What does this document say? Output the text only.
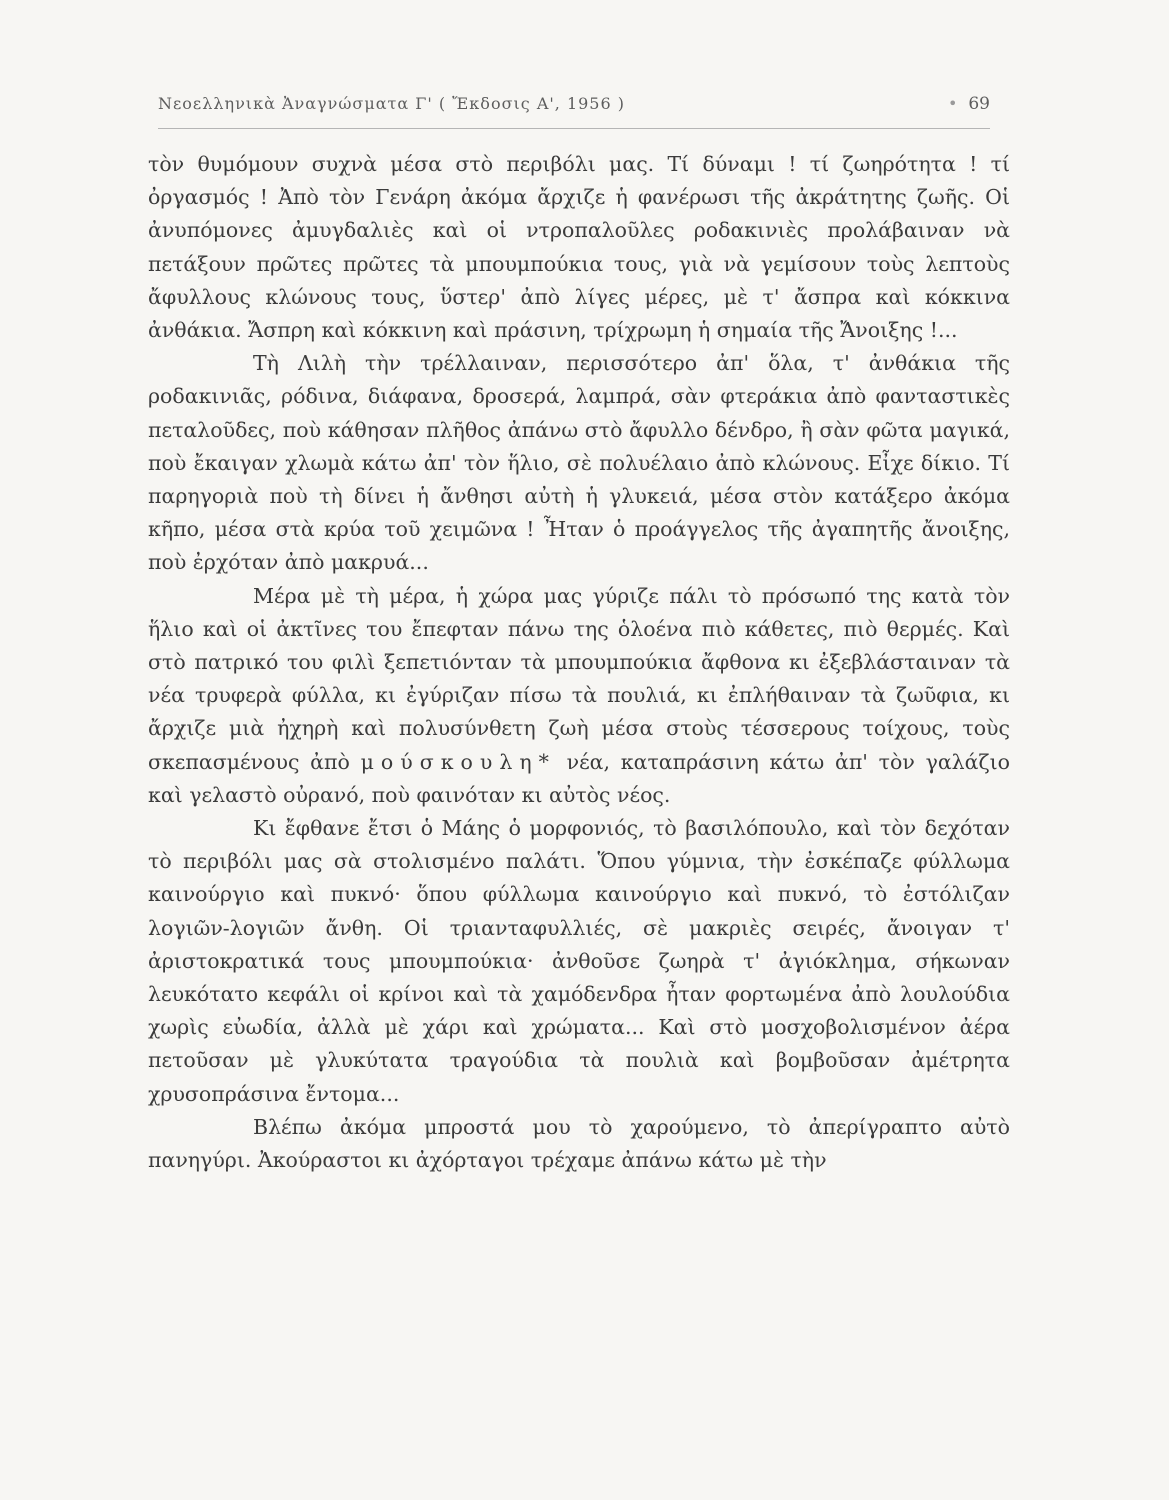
Νεοελληνικὰ Ἀναγνώσματα Γ' ( Ἔκδοσις Α', 1956 )	• 69

τὸν θυμόμουν συχνὰ μέσα στὸ περιβόλι μας. Τί δύναμι ! τί ζωηρότητα ! τί ὀργασμός ! Ἀπὸ τὸν Γενάρη ἀκόμα ἄρχιζε ἡ φανέρωσι τῆς ἀκράτητης ζωῆς. Οἱ ἀνυπόμονες ἀμυγδαλιὲς καὶ οἱ ντροπαλοῦλες ροδακινιὲς προλάβαιναν νὰ πετάξουν πρῶτες πρῶτες τὰ μπουμπούκια τους, γιὰ νὰ γεμίσουν τοὺς λεπτοὺς ἄφυλλους κλώνους τους, ὕστερ' ἀπὸ λίγες μέρες, μὲ τ' ἄσπρα καὶ κόκκινα ἀνθάκια. Ἄσπρη καὶ κόκκινη καὶ πράσινη, τρίχρωμη ἡ σημαία τῆς Ἄνοιξης !...

Τὴ Λιλὴ τὴν τρέλλαιναν, περισσότερο ἀπ' ὅλα, τ' ἀνθάκια τῆς ροδακινιᾶς, ρόδινα, διάφανα, δροσερά, λαμπρά, σὰν φτεράκια ἀπὸ φανταστικὲς πεταλοῦδες, ποὺ κάθησαν πλῆθος ἀπάνω στὸ ἄφυλλο δένδρο, ἢ σὰν φῶτα μαγικά, ποὺ ἔκαιγαν χλωμὰ κάτω ἀπ' τὸν ἥλιο, σὲ πολυέλαιο ἀπὸ κλώνους. Εἶχε δίκιο. Τί παρηγοριὰ ποὺ τὴ δίνει ἡ ἄνθησι αὐτὴ ἡ γλυκειά, μέσα στὸν κατάξερο ἀκόμα κῆπο, μέσα στὰ κρύα τοῦ χειμῶνα ! Ἦταν ὁ προάγγελος τῆς ἀγαπητῆς ἄνοιξης, ποὺ ἐρχόταν ἀπὸ μακρυά...

Μέρα μὲ τὴ μέρα, ἡ χώρα μας γύριζε πάλι τὸ πρόσωπό της κατὰ τὸν ἥλιο καὶ οἱ ἀκτῖνες του ἔπεφταν πάνω της ὁλοένα πιὸ κάθετες, πιὸ θερμές. Καὶ στὸ πατρικό του φιλὶ ξεπετιόνταν τὰ μπουμπούκια ἄφθονα κι ἐξεβλάσταιναν τὰ νέα τρυφερὰ φύλλα, κι ἐγύριζαν πίσω τὰ πουλιά, κι ἐπλήθαιναν τὰ ζωῦφια, κι ἄρχιζε μιὰ ἠχηρὴ καὶ πολυσύνθετη ζωὴ μέσα στοὺς τέσσερους τοίχους, τοὺς σκεπασμένους ἀπὸ μούσκουλη* νέα, καταπράσινη κάτω ἀπ' τὸν γαλάζιο καὶ γελαστὸ οὐρανό, ποὺ φαινόταν κι αὐτὸς νέος.

Κι ἔφθανε ἔτσι ὁ Μάης ὁ μορφονιός, τὸ βασιλόπουλο, καὶ τὸν δεχόταν τὸ περιβόλι μας σὰ στολισμένο παλάτι. Ὅπου γύμνια, τὴν ἐσκέπαζε φύλλωμα καινούργιο καὶ πυκνό· ὅπου φύλλωμα καινούργιο καὶ πυκνό, τὸ ἐστόλιζαν λογιῶν-λογιῶν ἄνθη. Οἱ τριανταφυλλιές, σὲ μακριὲς σειρές, ἄνοιγαν τ' ἀριστοκρατικά τους μπουμπούκια· ἀνθοῦσε ζωηρὰ τ' ἀγιόκλημα, σήκωναν λευκότατο κεφάλι οἱ κρίνοι καὶ τὰ χαμόδενδρα ἦταν φορτωμένα ἀπὸ λουλούδια χωρὶς εὐωδία, ἀλλὰ μὲ χάρι καὶ χρώματα... Καὶ στὸ μοσχοβολισμένον ἀέρα πετοῦσαν μὲ γλυκύτατα τραγούδια τὰ πουλιὰ καὶ βομβοῦσαν ἀμέτρητα χρυσοπράσινα ἔντομα...

Βλέπω ἀκόμα μπροστά μου τὸ χαρούμενο, τὸ ἀπερίγραπτο αὐτὸ πανηγύρι. Ἀκούραστοι κι ἀχόρταγοι τρέχαμε ἀπάνω κάτω μὲ τὴν
